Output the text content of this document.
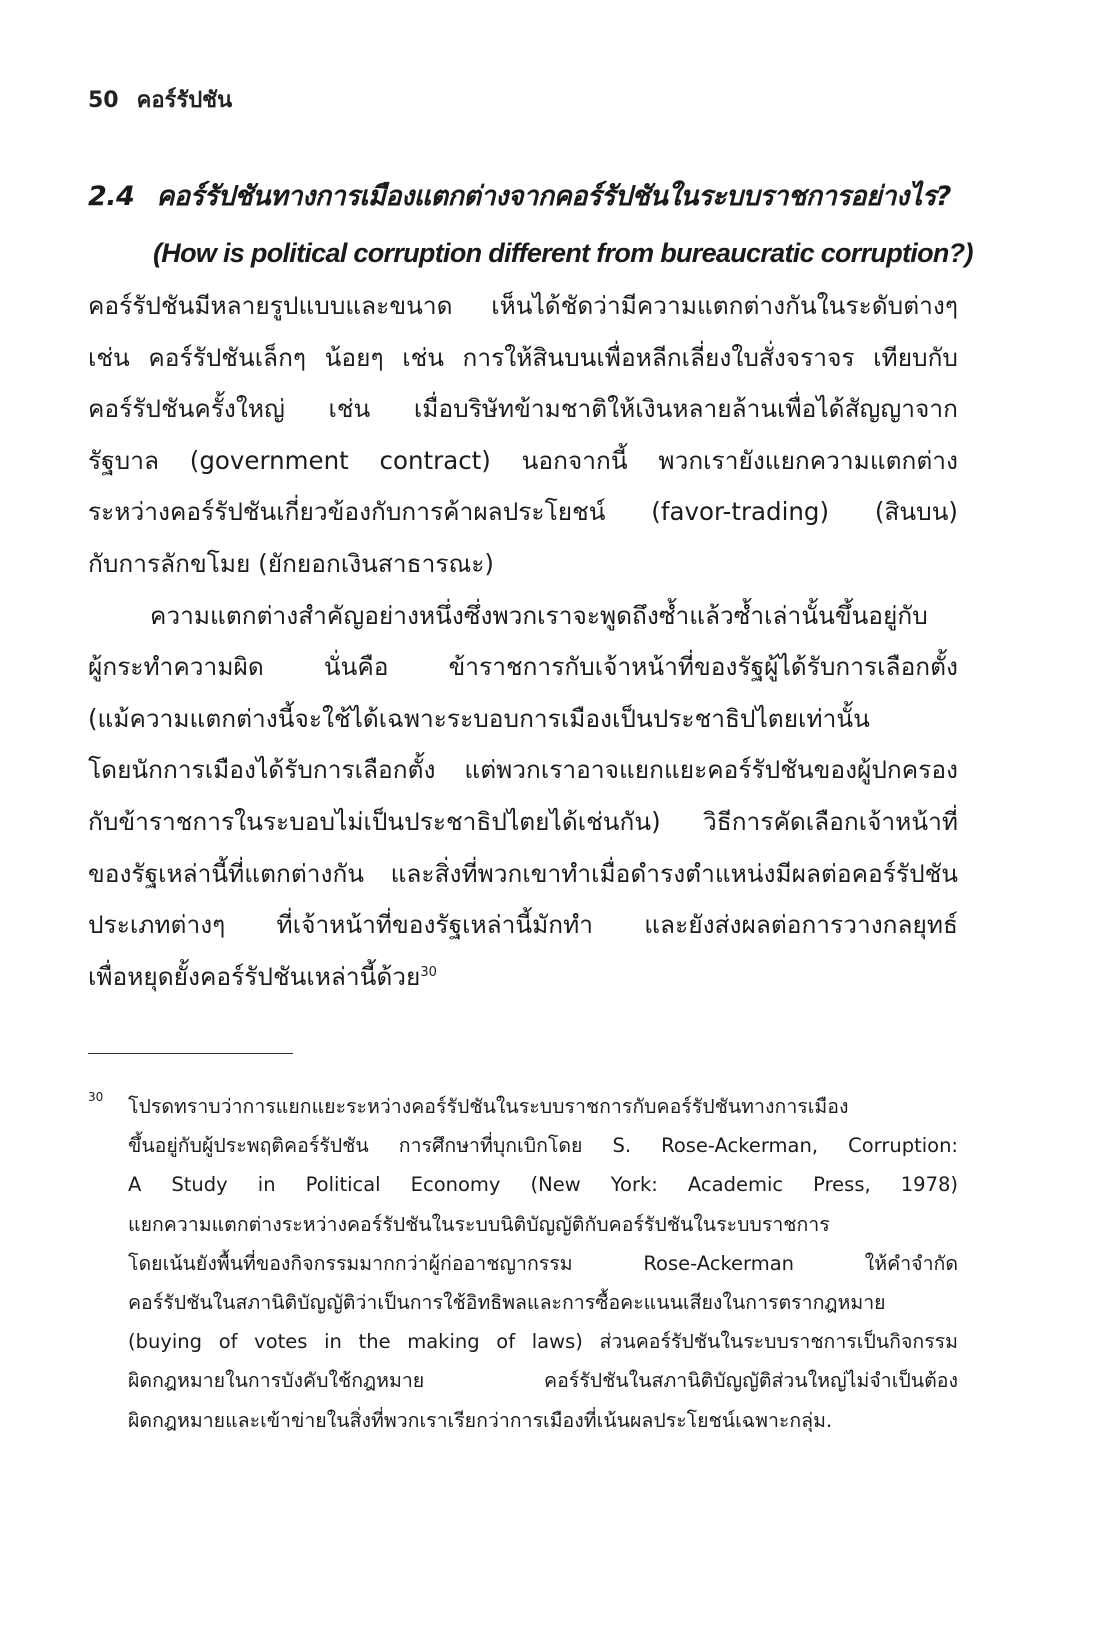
50 คอร์รัปชัน
2.4 คอร์รัปชันทางการเมืองแตกต่างจากคอร์รัปชันในระบบราชการอย่างไร?
(How is political corruption different from bureaucratic corruption?)
คอร์รัปชันมีหลายรูปแบบและขนาด เห็นได้ชัดว่ามีความแตกต่างกันในระดับต่างๆ
เช่น คอร์รัปชันเล็กๆ น้อยๆ เช่น การให้สินบนเพื่อหลีกเลี่ยงใบสั่งจราจร เทียบกับ
คอร์รัปชันครั้งใหญ่ เช่น เมื่อบริษัทข้ามชาติให้เงินหลายล้านเพื่อได้สัญญาจาก
รัฐบาล (government contract) นอกจากนี้ พวกเรายังแยกความแตกต่าง
ระหว่างคอร์รัปชันเกี่ยวข้องกับการค้าผลประโยชน์ (favor-trading) (สินบน)
กับการลักขโมย (ยักยอกเงินสาธารณะ)
ความแตกต่างสำคัญอย่างหนึ่งซึ่งพวกเราจะพูดถึงซ้ำแล้วซ้ำเล่านั้นขึ้นอยู่กับ
ผู้กระทำความผิด นั่นคือ ข้าราชการกับเจ้าหน้าที่ของรัฐผู้ได้รับการเลือกตั้ง
(แม้ความแตกต่างนี้จะใช้ได้เฉพาะระบอบการเมืองเป็นประชาธิปไตยเท่านั้น
โดยนักการเมืองได้รับการเลือกตั้ง แต่พวกเราอาจแยกแยะคอร์รัปชันของผู้ปกครอง
กับข้าราชการในระบอบไม่เป็นประชาธิปไตยได้เช่นกัน) วิธีการคัดเลือกเจ้าหน้าที่
ของรัฐเหล่านี้ที่แตกต่างกัน และสิ่งที่พวกเขาทำเมื่อดำรงตำแหน่งมีผลต่อคอร์รัปชัน
ประเภทต่างๆ ที่เจ้าหน้าที่ของรัฐเหล่านี้มักทำ และยังส่งผลต่อการวางกลยุทธ์
เพื่อหยุดยั้งคอร์รัปชันเหล่านี้ด้วย$^{30}$
30 โปรดทราบว่าการแยกแยะระหว่างคอร์รัปชันในระบบราชการกับคอร์รัปชันทางการเมือง
ขึ้นอยู่กับผู้ประพฤติคอร์รัปชัน การศึกษาที่บุกเบิกโดย S. Rose-Ackerman, Corruption:
A Study in Political Economy (New York: Academic Press, 1978)
แยกความแตกต่างระหว่างคอร์รัปชันในระบบนิติบัญญัติกับคอร์รัปชันในระบบราชการ
โดยเน้นยังพื้นที่ของกิจกรรมมากกว่าผู้ก่ออาชญากรรม Rose-Ackerman ให้คำจำกัด
คอร์รัปชันในสภานิติบัญญัติว่าเป็นการใช้อิทธิพลและการซื้อคะแนนเสียงในการตรากฎหมาย
(buying of votes in the making of laws) ส่วนคอร์รัปชันในระบบราชการเป็นกิจกรรม
ผิดกฎหมายในการบังคับใช้กฎหมาย คอร์รัปชันในสภานิติบัญญัติส่วนใหญ่ไม่จำเป็นต้อง
ผิดกฎหมายและเข้าข่ายในสิ่งที่พวกเราเรียกว่าการเมืองที่เน้นผลประโยชน์เฉพาะกลุ่ม.
